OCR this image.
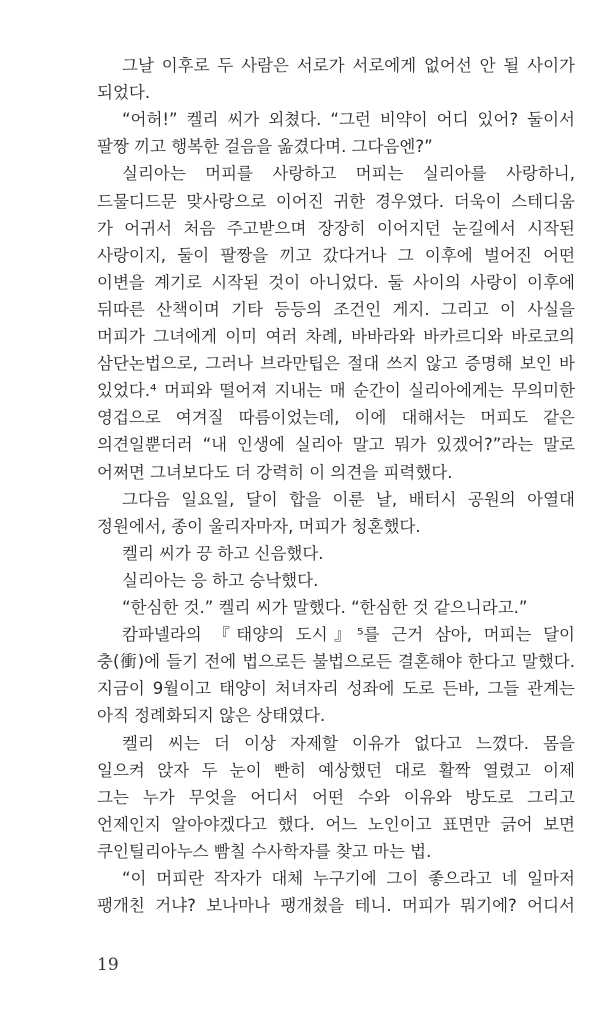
그날 이후로 두 사람은 서로가 서로에게 없어선 안 될 사이가
되었다.
“어허!” 켈리 씨가 외쳤다. “그런 비약이 어디 있어? 둘이서
팔짱 끼고 행복한 걸음을 옮겼다며. 그다음엔?”
실리아는 머피를 사랑하고 머피는 실리아를 사랑하니,
드물디드문 맞사랑으로 이어진 귀한 경우였다. 더욱이 스테디움
가 어귀서 처음 주고받으며 장장히 이어지던 눈길에서 시작된
사랑이지, 둘이 팔짱을 끼고 갔다거나 그 이후에 벌어진 어떤
이변을 계기로 시작된 것이 아니었다. 둘 사이의 사랑이 이후에
뒤따른 산책이며 기타 등등의 조건인 게지. 그리고 이 사실을
머피가 그녀에게 이미 여러 차례, 바바라와 바카르디와 바로코의
삼단논법으로, 그러나 브라만팁은 절대 쓰지 않고 증명해 보인 바
있었다.⁴ 머피와 떨어져 지내는 매 순간이 실리아에게는 무의미한
영겁으로 여겨질 따름이었는데, 이에 대해서는 머피도 같은
의견일뿐더러 “내 인생에 실리아 말고 뭐가 있겠어?”라는 말로
어쩌면 그녀보다도 더 강력히 이 의견을 피력했다.
그다음 일요일, 달이 합을 이룬 날, 배터시 공원의 아열대
정원에서, 종이 울리자마자, 머피가 청혼했다.
켈리 씨가 끙 하고 신음했다.
실리아는 응 하고 승낙했다.
“한심한 것.” 켈리 씨가 말했다. “한심한 것 같으니라고.”
캄파넬라의 『태양의 도시』⁵를 근거 삼아, 머피는 달이
충(衝)에 들기 전에 법으로든 불법으로든 결혼해야 한다고 말했다.
지금이 9월이고 태양이 처녀자리 성좌에 도로 든바, 그들 관계는
아직 정례화되지 않은 상태였다.
켈리 씨는 더 이상 자제할 이유가 없다고 느꼈다. 몸을
일으켜 앉자 두 눈이 빤히 예상했던 대로 활짝 열렸고 이제
그는 누가 무엇을 어디서 어떤 수와 이유와 방도로 그리고
언제인지 알아야겠다고 했다. 어느 노인이고 표면만 긁어 보면
쿠인틸리아누스 빰칠 수사학자를 찾고 마는 법.
“이 머피란 작자가 대체 누구기에 그이 좋으라고 네 일마저
팽개친 거냐? 보나마나 팽개쳤을 테니. 머피가 뭐기에? 어디서
19
